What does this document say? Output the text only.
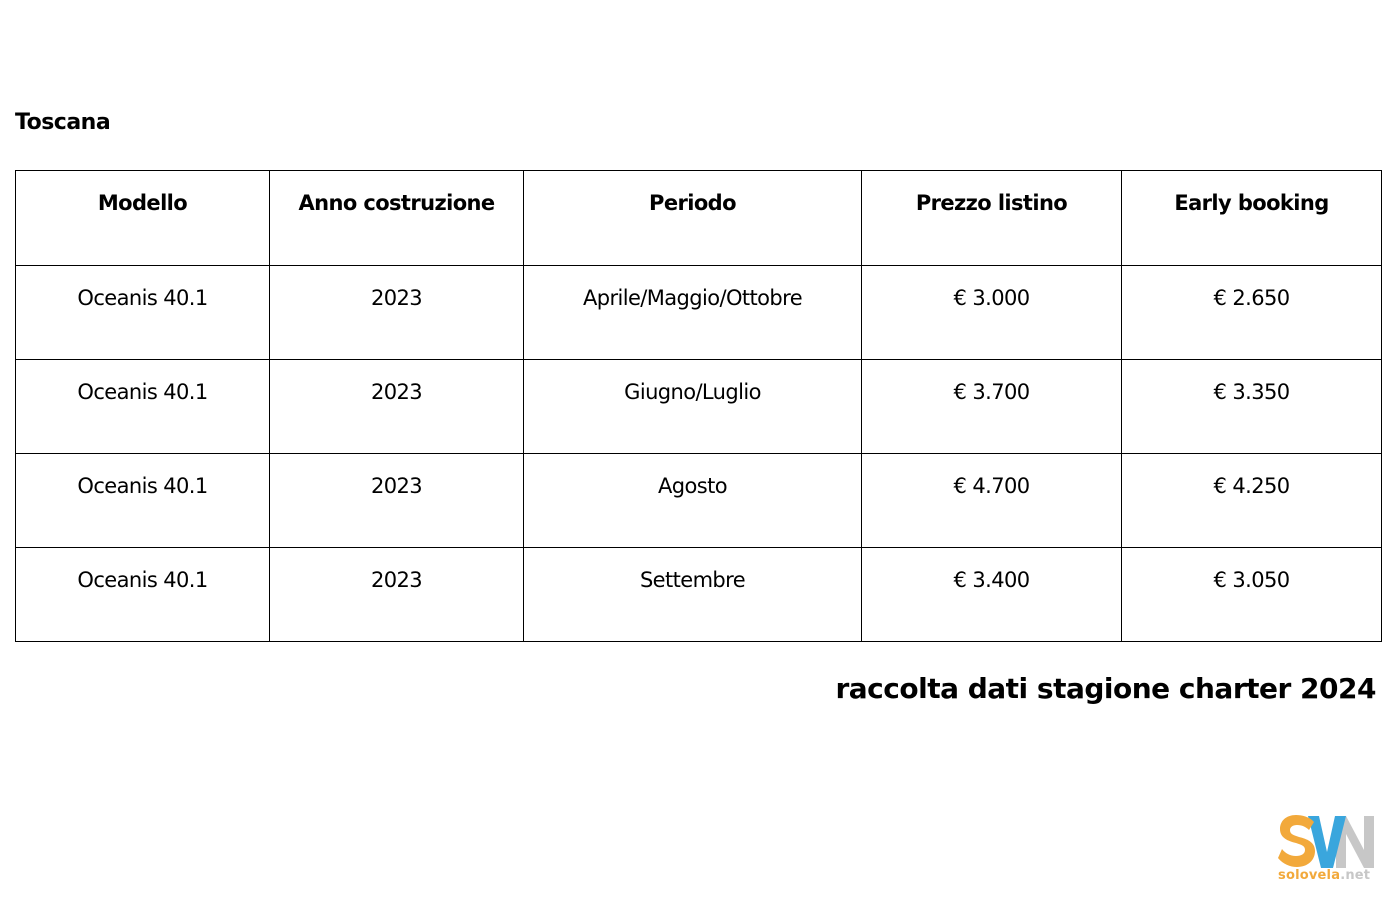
Toscana
Modello	Anno costruzione	Periodo	Prezzo listino	Early booking

Oceanis 40.1	2023	Aprile/Maggio/Ottobre	€ 3.000	€ 2.650

Oceanis 40.1	2023	Giugno/Luglio	€ 3.700	€ 3.350

Oceanis 40.1	2023	Agosto	€ 4.700	€ 4.250

Oceanis 40.1	2023	Settembre	€ 3.400	€ 3.050
raccolta dati stagione charter 2024
solovela.net
